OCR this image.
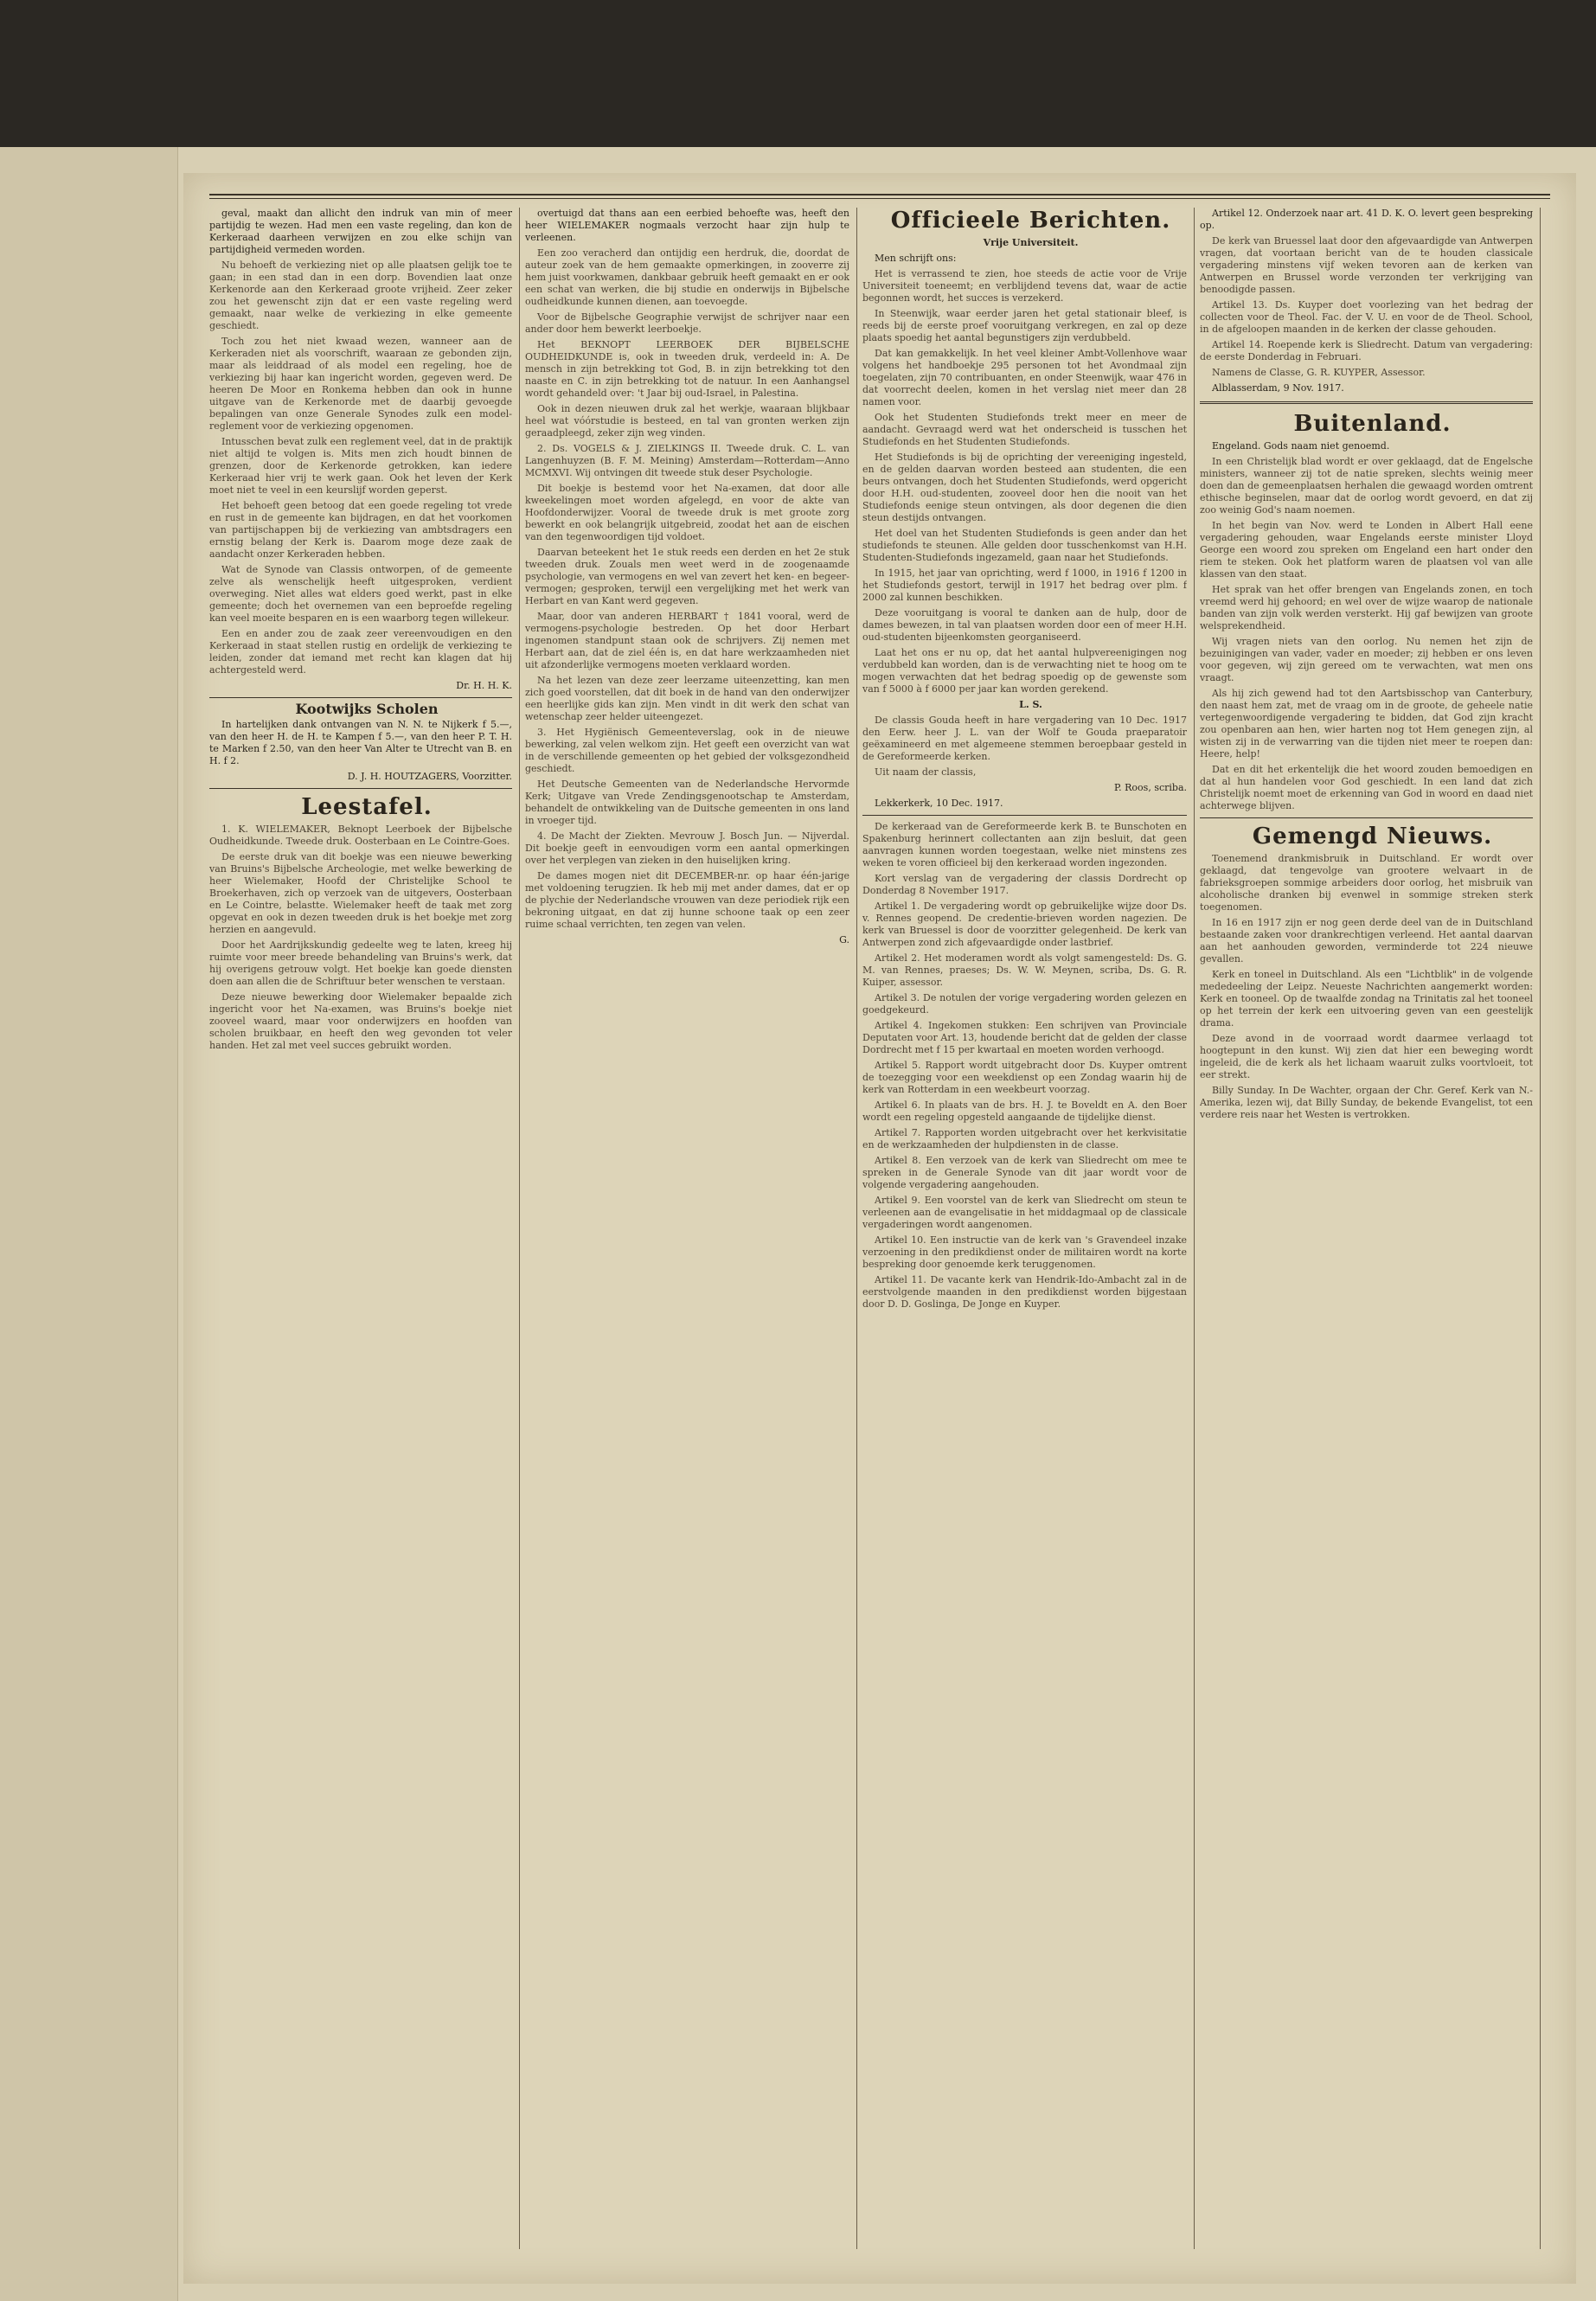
geval, maakt dan allicht den indruk van min of meer partijdig te wezen. Had men een vaste regeling, dan kon de Kerkeraad daarheen verwijzen en zou elke schijn van partijdigheid vermeden worden.

Nu behoeft de verkiezing niet op alle plaatsen gelijk toe te gaan; in een stad dan in een dorp. Bovendien laat onze Kerkenorde aan den Kerkeraad groote vrijheid. Zeer zeker zou het gewenscht zijn dat er een vaste regeling werd gemaakt, naar welke de verkiezing in elke gemeente geschiedt.

Toch zou het niet kwaad wezen, wanneer aan de Kerkeraden niet als voorschrift, waaraan ze gebonden zijn, maar als leiddraad of als model een regeling, hoe de verkiezing bij haar kan ingericht worden, gegeven werd. De heeren De Moor en Ronkema hebben dan ook in hunne uitgave van de Kerkenorde met de daarbij gevoegde bepalingen van onze Generale Synodes zulk een model-reglement voor de verkiezing opgenomen.

Intusschen bevat zulk een reglement veel, dat in de praktijk niet altijd te volgen is. Mits men zich houdt binnen de grenzen, door de Kerkenorde getrokken, kan iedere Kerkeraad hier vrij te werk gaan. Ook het leven der Kerk moet niet te veel in een keurslijf worden geperst.

Het behoeft geen betoog dat een goede regeling tot vrede en rust in de gemeente kan bijdragen, en dat het voorkomen van partijschappen bij de verkiezing van ambtsdragers een ernstig belang der Kerk is. Daarom moge deze zaak de aandacht onzer Kerkeraden hebben.

Wat de Synode van Classis ontworpen, of de gemeente zelve als wenschelijk heeft uitgesproken, verdient overweging. Niet alles wat elders goed werkt, past in elke gemeente; doch het overnemen van een beproefde regeling kan veel moeite besparen en is een waarborg tegen willekeur.

Een en ander zou de zaak zeer vereenvoudigen en den Kerkeraad in staat stellen rustig en ordelijk de verkiezing te leiden, zonder dat iemand met recht kan klagen dat hij achtergesteld werd.

Dr. H. H. K.

Kootwijks Scholen

In hartelijken dank ontvangen van N. N. te Nijkerk f 5.—, van den heer H. de H. te Kampen f 5.—, van den heer P. T. H. te Marken f 2.50, van den heer Van Alter te Utrecht van B. en H. f 2.

D. J. H. HOUTZAGERS, Voorzitter.

Leestafel.

1. K. WIELEMAKER, Beknopt Leerboek der Bijbelsche Oudheidkunde. Tweede druk. Oosterbaan en Le Cointre-Goes.

De eerste druk van dit boekje was een nieuwe bewerking van Bruins's Bijbelsche Archeologie, met welke bewerking de heer Wielemaker, Hoofd der Christelijke School te Broekerhaven, zich op verzoek van de uitgevers, Oosterbaan en Le Cointre, belastte. Wielemaker heeft de taak met zorg opgevat en ook in dezen tweeden druk is het boekje met zorg herzien en aangevuld.

Door het Aardrijkskundig gedeelte weg te laten, kreeg hij ruimte voor meer breede behandeling van Bruins's werk, dat hij overigens getrouw volgt. Het boekje kan goede diensten doen aan allen die de Schriftuur beter wenschen te verstaan.

Deze nieuwe bewerking door Wielemaker bepaalde zich ingericht voor het Na-examen, was Bruins's boekje niet zooveel waard, maar voor onderwijzers en hoofden van scholen bruikbaar, en heeft den weg gevonden tot veler handen. Het zal met veel succes gebruikt worden.

overtuigd dat thans aan een eerbied behoefte was, heeft den heer WIELEMAKER nogmaals verzocht haar zijn hulp te verleenen.

Een zoo veracherd dan ontijdig een herdruk, die, doordat de auteur zoek van de hem gemaakte opmerkingen, in zooverre zij hem juist voorkwamen, dankbaar gebruik heeft gemaakt en er ook een schat van werken, die bij studie en onderwijs in Bijbelsche oudheidkunde kunnen dienen, aan toevoegde.

Voor de Bijbelsche Geographie verwijst de schrijver naar een ander door hem bewerkt leerboekje.

Het BEKNOPT LEERBOEK DER BIJBELSCHE OUDHEIDKUNDE is, ook in tweeden druk, verdeeld in: A. De mensch in zijn betrekking tot God, B. in zijn betrekking tot den naaste en C. in zijn betrekking tot de natuur. In een Aanhangsel wordt gehandeld over: 't Jaar bij oud-Israel, in Palestina.

Ook in dezen nieuwen druk zal het werkje, waaraan blijkbaar heel wat vóórstudie is besteed, en tal van gronten werken zijn geraadpleegd, zeker zijn weg vinden.

2. Ds. VOGELS & J. ZIELKINGS II. Tweede druk. C. L. van Langenhuyzen (B. F. M. Meining) Amsterdam—Rotterdam—Anno MCMXVI. Wij ontvingen dit tweede stuk deser Psychologie.

Dit boekje is bestemd voor het Na-examen, dat door alle kweekelingen moet worden afgelegd, en voor de akte van Hoofdonderwijzer. Vooral de tweede druk is met groote zorg bewerkt en ook belangrijk uitgebreid, zoodat het aan de eischen van den tegenwoordigen tijd voldoet.

Daarvan beteekent het 1e stuk reeds een derden en het 2e stuk tweeden druk. Zouals men weet werd in de zoogenaamde psychologie, van vermogens en wel van zevert het ken- en begeer-vermogen; gesproken, terwijl een vergelijking met het werk van Herbart en van Kant werd gegeven.

Maar, door van anderen HERBART † 1841 vooral, werd de vermogens-psychologie bestreden. Op het door Herbart ingenomen standpunt staan ook de schrijvers. Zij nemen met Herbart aan, dat de ziel één is, en dat hare werkzaamheden niet uit afzonderlijke vermogens moeten verklaard worden.

Na het lezen van deze zeer leerzame uiteenzetting, kan men zich goed voorstellen, dat dit boek in de hand van den onderwijzer een heerlijke gids kan zijn. Men vindt in dit werk den schat van wetenschap zeer helder uiteengezet.

3. Het Hygiënisch Gemeenteverslag, ook in de nieuwe bewerking, zal velen welkom zijn. Het geeft een overzicht van wat in de verschillende gemeenten op het gebied der volksgezondheid geschiedt.

Het Deutsche Gemeenten van de Nederlandsche Hervormde Kerk; Uitgave van Vrede Zendingsgenootschap te Amsterdam, behandelt de ontwikkeling van de Duitsche gemeenten in ons land in vroeger tijd.

4. De Macht der Ziekten. Mevrouw J. Bosch Jun. — Nijverdal. Dit boekje geeft in eenvoudigen vorm een aantal opmerkingen over het verplegen van zieken in den huiselijken kring.

De dames mogen niet dit DECEMBER-nr. op haar één-jarige met voldoening terugzien. Ik heb mij met ander dames, dat er op de plychie der Nederlandsche vrouwen van deze periodiek rijk een bekroning uitgaat, en dat zij hunne schoone taak op een zeer ruime schaal verrichten, ten zegen van velen.

G.

Officieele Berichten.

Vrije Universiteit.

Men schrijft ons:

Het is verrassend te zien, hoe steeds de actie voor de Vrije Universiteit toeneemt; en verblijdend tevens dat, waar de actie begonnen wordt, het succes is verzekerd.

In Steenwijk, waar eerder jaren het getal stationair bleef, is reeds bij de eerste proef vooruitgang verkregen, en zal op deze plaats spoedig het aantal begunstigers zijn verdubbeld.

Dat kan gemakkelijk. In het veel kleiner Ambt-Vollenhove waar volgens het handboekje 295 personen tot het Avondmaal zijn toegelaten, zijn 70 contribuanten, en onder Steenwijk, waar 476 in dat voorrecht deelen, komen in het verslag niet meer dan 28 namen voor.

Ook het Studenten Studiefonds trekt meer en meer de aandacht. Gevraagd werd wat het onderscheid is tusschen het Studiefonds en het Studenten Studiefonds.

Het Studiefonds is bij de oprichting der vereeniging ingesteld, en de gelden daarvan worden besteed aan studenten, die een beurs ontvangen, doch het Studenten Studiefonds, werd opgericht door H.H. oud-studenten, zooveel door hen die nooit van het Studiefonds eenige steun ontvingen, als door degenen die dien steun destijds ontvangen.

Het doel van het Studenten Studiefonds is geen ander dan het studiefonds te steunen. Alle gelden door tusschenkomst van H.H. Studenten-Studiefonds ingezameld, gaan naar het Studiefonds.

In 1915, het jaar van oprichting, werd f 1000, in 1916 f 1200 in het Studiefonds gestort, terwijl in 1917 het bedrag over plm. f 2000 zal kunnen beschikken.

Deze vooruitgang is vooral te danken aan de hulp, door de dames bewezen, in tal van plaatsen worden door een of meer H.H. oud-studenten bijeenkomsten georganiseerd.

Laat het ons er nu op, dat het aantal hulpvereenigingen nog verdubbeld kan worden, dan is de verwachting niet te hoog om te mogen verwachten dat het bedrag spoedig op de gewenste som van f 5000 à f 6000 per jaar kan worden gerekend.

L. S.

De classis Gouda heeft in hare vergadering van 10 Dec. 1917 den Eerw. heer J. L. van der Wolf te Gouda praeparatoir geëxamineerd en met algemeene stemmen beroepbaar gesteld in de Gereformeerde kerken.

Uit naam der classis,

P. Roos, scriba.

Lekkerkerk, 10 Dec. 1917.

De kerkeraad van de Gereformeerde kerk B. te Bunschoten en Spakenburg herinnert collectanten aan zijn besluit, dat geen aanvragen kunnen worden toegestaan, welke niet minstens zes weken te voren officieel bij den kerkeraad worden ingezonden.

Kort verslag van de vergadering der classis Dordrecht op Donderdag 8 November 1917.

Artikel 1. De vergadering wordt op gebruikelijke wijze door Ds. v. Rennes geopend. De credentie-brieven worden nagezien. De kerk van Bruessel is door de voorzitter gelegenheid. De kerk van Antwerpen zond zich afgevaardigde onder lastbrief.

Artikel 2. Het moderamen wordt als volgt samengesteld: Ds. G. M. van Rennes, praeses; Ds. W. W. Meynen, scriba, Ds. G. R. Kuiper, assessor.

Artikel 3. De notulen der vorige vergadering worden gelezen en goedgekeurd.

Artikel 4. Ingekomen stukken: Een schrijven van Provinciale Deputaten voor Art. 13, houdende bericht dat de gelden der classe Dordrecht met f 15 per kwartaal en moeten worden verhoogd.

Artikel 5. Rapport wordt uitgebracht door Ds. Kuyper omtrent de toezegging voor een weekdienst op een Zondag waarin hij de kerk van Rotterdam in een weekbeurt voorzag.

Artikel 6. In plaats van de brs. H. J. te Boveldt en A. den Boer wordt een regeling opgesteld aangaande de tijdelijke dienst.

Artikel 7. Rapporten worden uitgebracht over het kerkvisitatie en de werkzaamheden der hulpdiensten in de classe.

Artikel 8. Een verzoek van de kerk van Sliedrecht om mee te spreken in de Generale Synode van dit jaar wordt voor de volgende vergadering aangehouden.

Artikel 9. Een voorstel van de kerk van Sliedrecht om steun te verleenen aan de evangelisatie in het middagmaal op de classicale vergaderingen wordt aangenomen.

Artikel 10. Een instructie van de kerk van 's Gravendeel inzake verzoening in den predikdienst onder de militairen wordt na korte bespreking door genoemde kerk teruggenomen.

Artikel 11. De vacante kerk van Hendrik-Ido-Ambacht zal in de eerstvolgende maanden in den predikdienst worden bijgestaan door D. D. Goslinga, De Jonge en Kuyper.

Artikel 12. Onderzoek naar art. 41 D. K. O. levert geen bespreking op.

De kerk van Bruessel laat door den afgevaardigde van Antwerpen vragen, dat voortaan bericht van de te houden classicale vergadering minstens vijf weken tevoren aan de kerken van Antwerpen en Brussel worde verzonden ter verkrijging van benoodigde passen.

Artikel 13. Ds. Kuyper doet voorlezing van het bedrag der collecten voor de Theol. Fac. der V. U. en voor de de Theol. School, in de afgeloopen maanden in de kerken der classe gehouden.

Artikel 14. Roepende kerk is Sliedrecht. Datum van vergadering: de eerste Donderdag in Februari.

Namens de Classe, G. R. KUYPER, Assessor.

Alblasserdam, 9 Nov. 1917.

Buitenland.

Engeland. Gods naam niet genoemd.

In een Christelijk blad wordt er over geklaagd, dat de Engelsche ministers, wanneer zij tot de natie spreken, slechts weinig meer doen dan de gemeenplaatsen herhalen die gewaagd worden omtrent ethische beginselen, maar dat de oorlog wordt gevoerd, en dat zij zoo weinig God's naam noemen.

In het begin van Nov. werd te Londen in Albert Hall eene vergadering gehouden, waar Engelands eerste minister Lloyd George een woord zou spreken om Engeland een hart onder den riem te steken. Ook het platform waren de plaatsen vol van alle klassen van den staat.

Het sprak van het offer brengen van Engelands zonen, en toch vreemd werd hij gehoord; en wel over de wijze waarop de nationale banden van zijn volk werden versterkt. Hij gaf bewijzen van groote welsprekendheid.

Wij vragen niets van den oorlog. Nu nemen het zijn de bezuinigingen van vader, vader en moeder; zij hebben er ons leven voor gegeven, wij zijn gereed om te verwachten, wat men ons vraagt.

Als hij zich gewend had tot den Aartsbisschop van Canterbury, den naast hem zat, met de vraag om in de groote, de geheele natie vertegenwoordigende vergadering te bidden, dat God zijn kracht zou openbaren aan hen, wier harten nog tot Hem genegen zijn, al wisten zij in de verwarring van die tijden niet meer te roepen dan: Heere, help!

Dat en dit het erkentelijk die het woord zouden bemoedigen en dat al hun handelen voor God geschiedt. In een land dat zich Christelijk noemt moet de erkenning van God in woord en daad niet achterwege blijven.

Gemengd Nieuws.

Toenemend drankmisbruik in Duitschland. Er wordt over geklaagd, dat tengevolge van grootere welvaart in de fabrieksgroepen sommige arbeiders door oorlog, het misbruik van alcoholische dranken bij evenwel in sommige streken sterk toegenomen.

In 16 en 1917 zijn er nog geen derde deel van de in Duitschland bestaande zaken voor drankrechtigen verleend. Het aantal daarvan aan het aanhouden geworden, verminderde tot 224 nieuwe gevallen.

Kerk en toneel in Duitschland. Als een "Lichtblik" in de volgende mededeeling der Leipz. Neueste Nachrichten aangemerkt worden: Kerk en tooneel. Op de twaalfde zondag na Trinitatis zal het tooneel op het terrein der kerk een uitvoering geven van een geestelijk drama.

Deze avond in de voorraad wordt daarmee verlaagd tot hoogtepunt in den kunst. Wij zien dat hier een beweging wordt ingeleid, die de kerk als het lichaam waaruit zulks voortvloeit, tot eer strekt.

Billy Sunday. In De Wachter, orgaan der Chr. Geref. Kerk van N.-Amerika, lezen wij, dat Billy Sunday, de bekende Evangelist, tot een verdere reis naar het Westen is vertrokken.
